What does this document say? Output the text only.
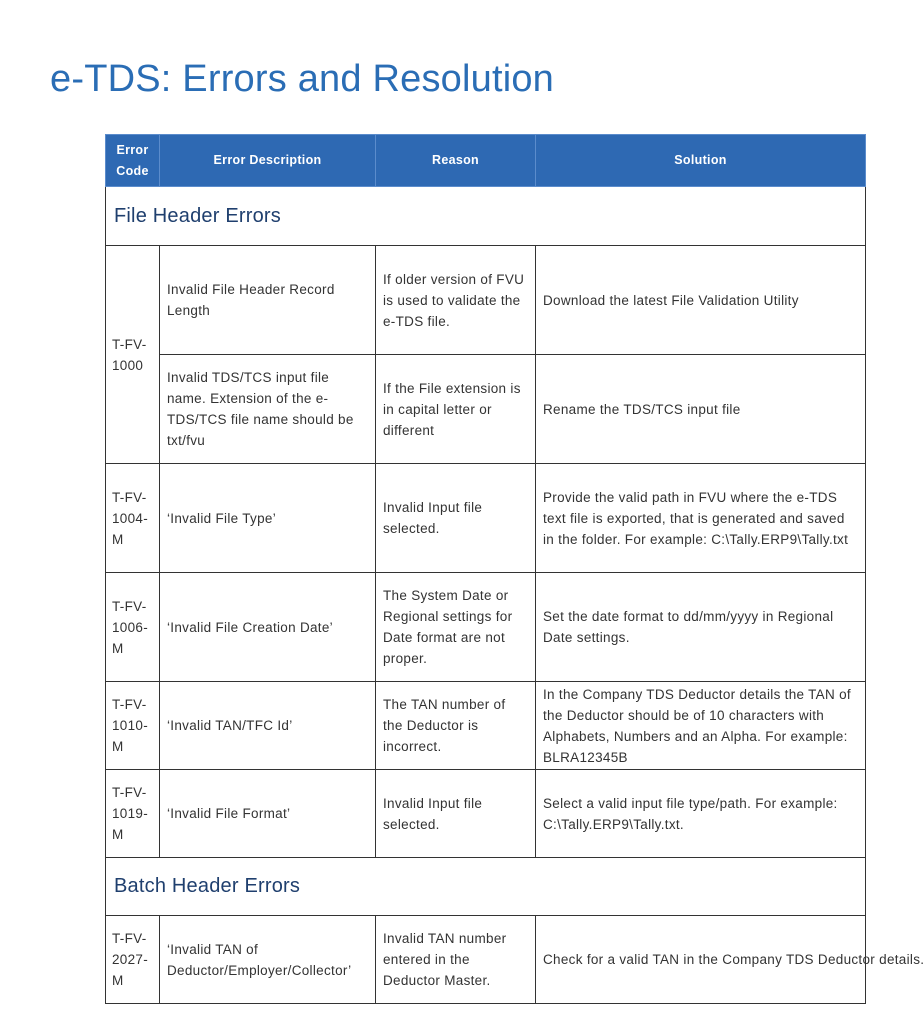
e-TDS: Errors and Resolution
Error Code	Error Description	Reason	Solution
File Header Errors			
T-FV-1000	Invalid File Header Record Length	If older version of FVU is used to validate the e-TDS file.	Download the latest File Validation Utility
	Invalid TDS/TCS input file name. Extension of the e-TDS/TCS file name should be txt/fvu	If the File extension is in capital letter or different	Rename the TDS/TCS input file
T-FV-1004-M	‘Invalid File Type’	Invalid Input file selected.	Provide the valid path in FVU where the e-TDS text file is exported, that is generated and saved in the folder. For example: C:\Tally.ERP9\Tally.txt
T-FV-1006-M	‘Invalid File Creation Date’	The System Date or Regional settings for Date format are not proper.	Set the date format to dd/mm/yyyy in Regional Date settings.
T-FV-1010-M	‘Invalid TAN/TFC Id’	The TAN number of the Deductor is incorrect.	In the Company TDS Deductor details the TAN of the Deductor should be of 10 characters with Alphabets, Numbers and an Alpha. For example: BLRA12345B
T-FV-1019-M	‘Invalid File Format’	Invalid Input file selected.	Select a valid input file type/path. For example: C:\Tally.ERP9\Tally.txt.
Batch Header Errors			
T-FV-2027-M	‘Invalid TAN of Deductor/Employer/Collector’	Invalid TAN number entered in the Deductor Master.	Check for a valid TAN in the Company TDS Deductor details.
